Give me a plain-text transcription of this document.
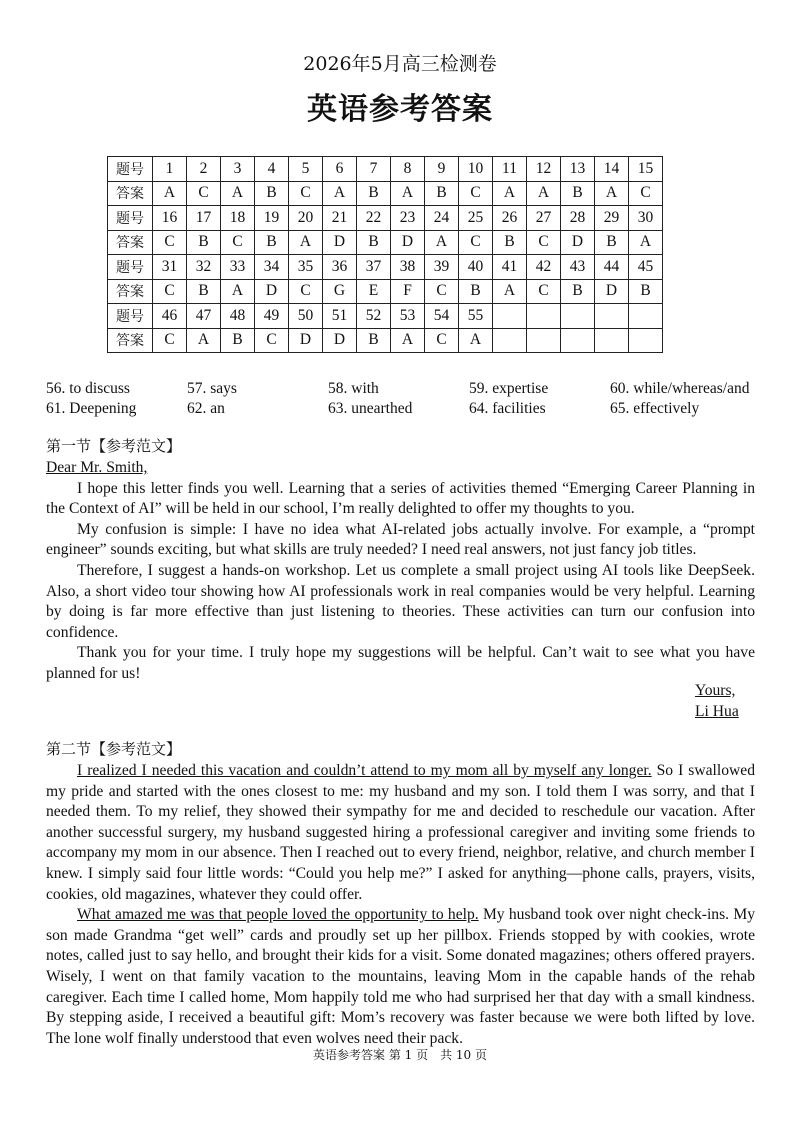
2026年5月高三检测卷
英语参考答案
题号	1	2	3	4	5	6	7	8	9	10	11	12	13	14	15
答案	A	C	A	B	C	A	B	A	B	C	A	A	B	A	C
题号	16	17	18	19	20	21	22	23	24	25	26	27	28	29	30
答案	C	B	C	B	A	D	B	D	A	C	B	C	D	B	A
题号	31	32	33	34	35	36	37	38	39	40	41	42	43	44	45
答案	C	B	A	D	C	G	E	F	C	B	A	C	B	D	B
题号	46	47	48	49	50	51	52	53	54	55					
答案	C	A	B	C	D	D	B	A	C	A					
56. to discuss	57. says	58. with	59. expertise	60. while/whereas/and
61. Deepening	62. an	63. unearthed	64. facilities	65. effectively
第一节【参考范文】

Dear Mr. Smith,

I hope this letter finds you well. Learning that a series of activities themed “Emerging Career Planning in the Context of AI” will be held in our school, I’m really delighted to offer my thoughts to you.

My confusion is simple: I have no idea what AI-related jobs actually involve. For example, a “prompt engineer” sounds exciting, but what skills are truly needed? I need real answers, not just fancy job titles.

Therefore, I suggest a hands-on workshop. Let us complete a small project using AI tools like DeepSeek. Also, a short video tour showing how AI professionals work in real companies would be very helpful. Learning by doing is far more effective than just listening to theories. These activities can turn our confusion into confidence.

Thank you for your time. I truly hope my suggestions will be helpful. Can’t wait to see what you have planned for us!

Yours,
Li Hua
第二节【参考范文】

I realized I needed this vacation and couldn’t attend to my mom all by myself any longer. So I swallowed my pride and started with the ones closest to me: my husband and my son. I told them I was sorry, and that I needed them. To my relief, they showed their sympathy for me and decided to reschedule our vacation. After another successful surgery, my husband suggested hiring a professional caregiver and inviting some friends to accompany my mom in our absence. Then I reached out to every friend, neighbor, relative, and church member I knew. I simply said four little words: “Could you help me?” I asked for anything—phone calls, prayers, visits, cookies, old magazines, whatever they could offer.

What amazed me was that people loved the opportunity to help. My husband took over night check-ins. My son made Grandma “get well” cards and proudly set up her pillbox. Friends stopped by with cookies, wrote notes, called just to say hello, and brought their kids for a visit. Some donated magazines; others offered prayers. Wisely, I went on that family vacation to the mountains, leaving Mom in the capable hands of the rehab caregiver. Each time I called home, Mom happily told me who had surprised her that day with a small kindness. By stepping aside, I received a beautiful gift: Mom’s recovery was faster because we were both lifted by love. The lone wolf finally understood that even wolves need their pack.

英语参考答案 第 1 页　共 10 页
